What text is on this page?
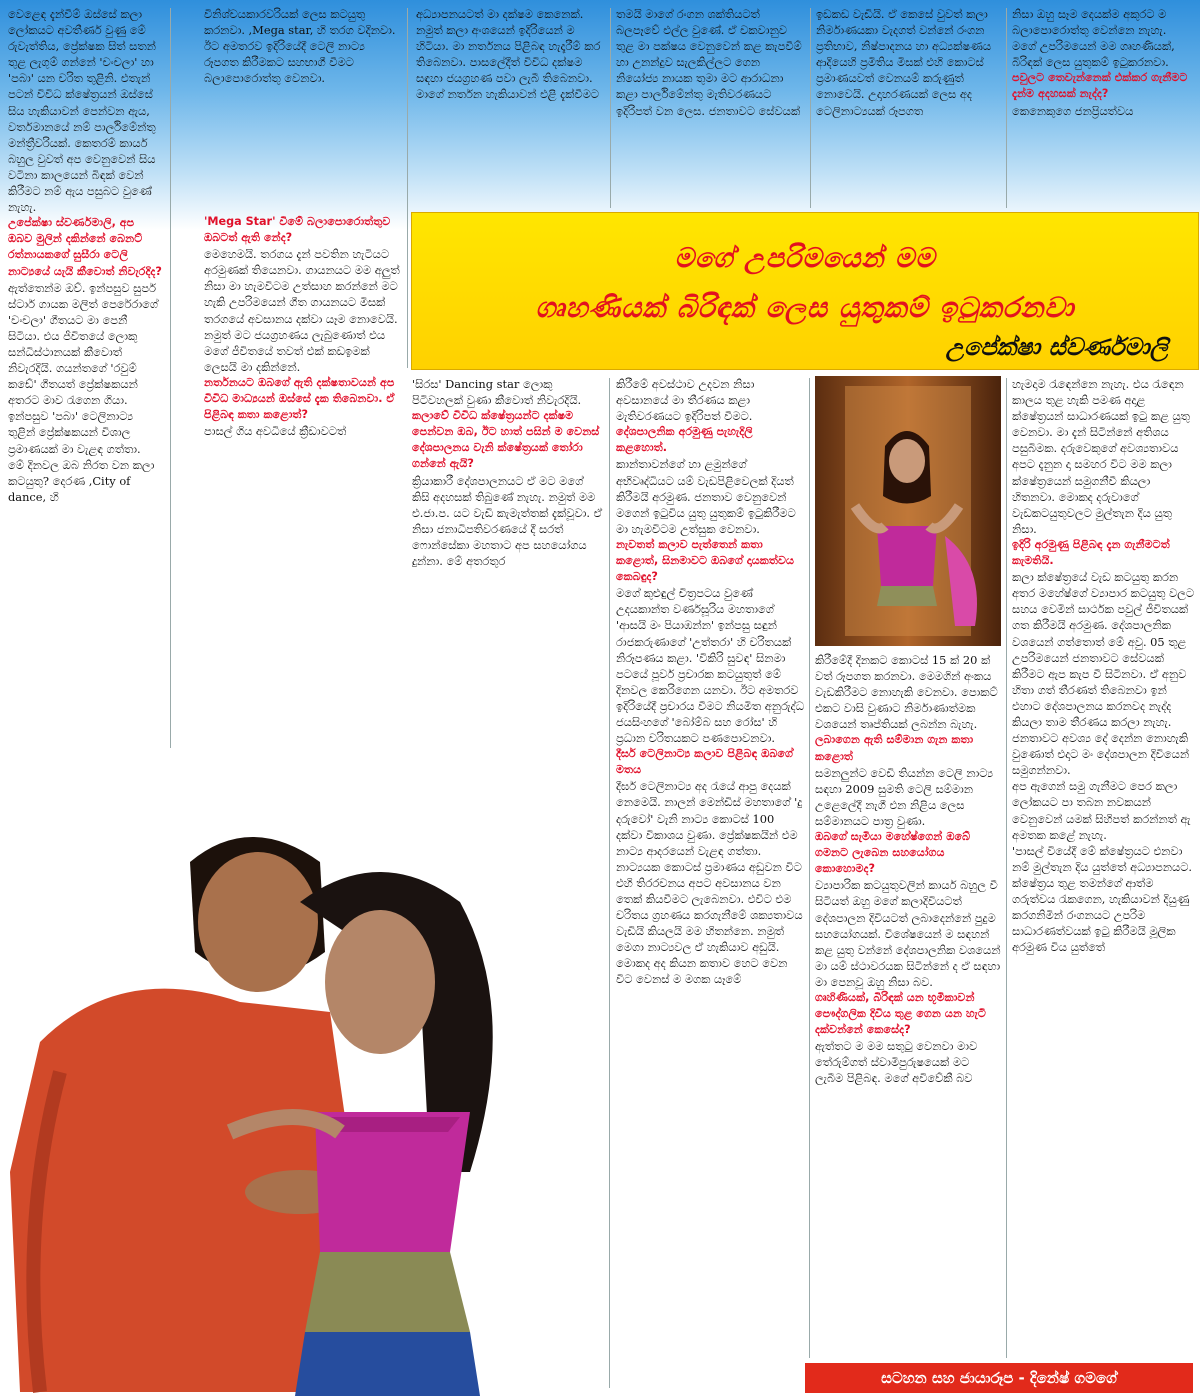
වෙළෙඳ දැන්වීම් ඔස්සේ කලා ලෝකයට අවතීර්ණ වුණු මේ රුවැත්තිය, ප්‍රේක්ෂක සිත් සතන් තුළ ලැගුම් ගන්නේ 'චංචලා' හා 'පබා' යන චරිත තුළිනි. එතැන් පටන් විවිධ ක්ෂේත්‍රයන් ඔස්සේ සිය හැකියාවන් පෙන්වන ඇය, වර්තමානයේ නම් පාර්ලිමේන්තු මන්ත්‍රීවරියක්. කෙතරම් කාර්ය බහුල වුවත් අප වෙනුවෙන් සිය වටිනා කාලයෙන් බිඳක් වෙන් කිරීමට නම් ඇය පසුබට වුණේ නැහැ.

උපේක්ෂා ස්වර්ණමාලි, අප ඔබව මුලින් දකින්නේ බෙනට් රත්නායකගේ සුසීරා ටෙලි නාට්‍යයේ යැයි කීවොත් නිවැරදිද?

ඇත්තෙන්ම ඔව්. ඉන්පසුව සුපර් ස්ටාර් ගායක මලිත් පෙරේරාගේ 'චංචලා' ගීතයට මා පෙනී සිටියා. එය ජීවිතයේ ලොකු සන්ධිස්ථානයක් කීවොත් නිවැරදියි. ගයන්තගේ 'රවුම් කඩේ' ගීතයත් ප්‍රේක්ෂකයන් අතරට මාව රැගෙන ගියා. ඉන්පසුව 'පබා' ටෙලිනාට්‍ය තුළින් ප්‍රේක්ෂකයන් විශාල ප්‍රමාණයක් මා වැළඳ ගත්තා.

මේ දිනවල ඔබ නිරත වන කලා කටයුතු? දෙරණ ,City of dance, හි

විනිශ්චයකාරවරියක් ලෙස කටයුතු කරනවා. ,Mega star, හි තරග වදිනවා. ඊට අමතරව ඉදිරියේදී ටෙලි නාට්‍ය රූපගත කිරීමකට සහභාගී වීමට බලාපොරොත්තු වෙනවා.

'Mega Star' වීමේ බලාපොරොත්තුව ඔබටත් ඇති නේද?

මෙහෙමයි. තරගය දැන් පවතින හැටියට අරමුණක් තියෙනවා. ගායනයට මම අලුත් නිසා මා හැමවිටම උත්සාහ කරන්නේ මට හැකි උපරිමයෙන් ගීත ගායනයට මිසක් තරගයේ අවසානය දක්වා යෑම නොවෙයි. නමුත් මට ජයග්‍රහණය ලැබුණොත් එය මගේ ජීවිතයේ තවත් එක් කඩඉමක් ලෙසයි මා දකින්නේ.

නර්තනයට ඔබගේ ඇති දක්ෂතාවයන් අප විවිධ මාධ්‍යයන් ඔස්සේ දැක තිබෙනවා. ඒ පිළිබඳ කතා කළොත්?

පාසල් ගිය අවධියේ ක්‍රීඩාවටත්

අධ්‍යාපනයටත් මා දක්ෂම කෙනෙක්. නමුත් කලා අංශයෙන් ඉදිරියෙන් ම හිටියා. මා නර්තනය පිළිබඳ හැදෑරීම් කර තිබෙනවා. පාසලේදීත් විවිධ දක්ෂම සඳහා ජයග්‍රහණ පවා ලැබී තිබෙනවා. මාගේ නර්තන හැකියාවන් එළි දැක්වීමට

තමයි මාගේ රංගන ශක්තියටත් බලපෑවේ එල්ල වුණේ. ඒ චකවානුව තුළ මා පක්ෂය වෙනුවෙන් කළ කැපවීම් හා උනන්දුව සැලකිල්ලට ගෙන නියෝජ්‍ය නායක තුමා මට ආරාධනා කළා පාර්ලිමේන්තු මැතිවරණයට ඉදිරිපත් වන ලෙස. ජනතාවට සේවයක්

ඉඩකඩ වැඩියි. ඒ කෙසේ වුවත් කලා නිර්මාණයකා වැදගත් වන්නේ රංගන ප්‍රතිභාව, නිෂ්පාදනය හා අධ්‍යක්ෂණය ආදියෙහි ප්‍රමිතිය මිසක් එහි කොටස් ප්‍රමාණයවත් වෙනයම් කරුණුත් නොවෙයි. උදාහරණයක් ලෙස අද ටෙලිනාට්‍යයක් රූපගත

නිසා ඔහු සෑම දෙයක්ම අකුරට ම බලාපොරොත්තු වෙන්නෙ නැහැ. මගේ උපරිමයෙන් මම ගෘහණියක්, බිරිඳක් ලෙස යුතුකම් ඉටුකරනවා.

පවුලට තෙවැන්නෙක් එක්කර ගැනීමට දැන්ම අදහසක් නැද්ද?

කෙනෙකුගෙ ජනප්‍රියත්වය

මගේ උපරිමයෙන් මම
ගෘහණියක් බිරිඳක් ලෙස යුතුකම් ඉටුකරනවා
උපේක්ෂා ස්වර්ණමාලි

'සිරස' Dancing star ලොකු පිටිවහලක් වුණා කීවොත් නිවැරදියි.

කලාවේ විවිධ ක්ෂේත්‍රයන්ට දක්ෂම පෙන්වන ඔබ, ඊට හාත් පසින් ම වෙනස් දේශපාලනය වැනි ක්ෂේත්‍රයක් තෝරා ගන්නේ ඇයි?

ක්‍රියාකාරී දේශපාලනයට ඒ මට මගේ කිසි අදහසක් තිබුණේ නැහැ. නමුත් මම එ.ජා.ප. යට වැඩි කැමැත්තක් දැක්වූවා. ඒ නිසා ජනාධිපතිවරණයේ දී සරත් ෆොන්සේකා මහතාට අප සහයෝගය දුන්නා. මේ අතරතුර

කිරීමේ අවස්ථාව උදවන නිසා අවසානයේ මා තීරණය කළා මැතිවරණයට ඉදිරිපත් වීමට.

දේශපාලනික අරමුණු පැහැදිලි කළහොත්.

කාන්තාවන්ගේ හා ළමුන්ගේ අභිවෘද්ධියට යම් වැඩපිළිවෙලක් දියත් කිරීමයි අරමුණ. ජනතාව වෙනුවෙන් මගෙන් ඉටුවිය යුතු යුතුකම් ඉටුකිරීමට මා හැමවිටම උත්සුක වෙනවා.

නැවතත් කලාව පැත්තෙන් කතා කළොත්, සිනමාවට ඔබගේ දායකත්වය කෙබඳුද?

මගේ කුළුඳුල් චිත්‍රපටය වුණේ උදයකාන්ත වර්ණසූරිය මහතාගේ 'ආසයි මං පියාඹන්න' ඉන්පසු සඳුන් රාජකරුණාගේ 'උත්තරා' හි චරිතයක් නිරූපණය කළා. 'විකිරි සුවඳ' සිනමා පටයේ පූර්ව ප්‍රචාරක කටයුතුත් මේ දිනවල කෙරිගෙන යනවා. ඊට අමතරව ඉදිරියේදී ප්‍රචාරය වීමට නියමිත අනුරුද්ධ ජයසිංහගේ 'බෝම්බ සහ රෝස' හි ප්‍රධාන චරිතයකට පණපොවනවා.

දීර්ඝ ටෙලිනාට්‍ය කලාව පිළිබඳ ඔබගේ මතය

දීර්ඝ ටෙලිනාට්‍ය අද රැයේ ආපු දෙයක් නෙමෙයි. නාලන් මෙන්ඩිස් මහතාගේ 'දු දරුවෝ' වැනි නාට්‍ය කොටස් 100 දක්වා විකාශය වුණා. ප්‍රේක්ෂකයින් එම නාට්‍ය ආදරයෙන් වැළඳ ගත්තා. නාට්‍යයක කොටස් ප්‍රමාණය අඩුවන විට එහි තිරරචනය අපට අවසානය වන තෙක් කියවීමට ලැබෙනවා. එවිට එම චරිතය ග්‍රහණය කරගැනීමේ ශක්‍යතාවය වැඩියි කියලයි මම හිතන්නෙ. නමුත් මෙගා නාට්‍යවල ඒ හැකියාව අඩුයි. මොකද අද කියන කතාව හෙට වෙන විට වෙනස් ම මගක යෑමේ

කිරීමේදී දිනකට කොටස් 15 ක් 20 ක් වත් රූපගත කරනවා. මෙමගින් අංකය වැඩකිරීමට නොහැකි වෙනවා. පොකට් එකට වාසි වුණාට නිර්මාණාත්මක වශයෙන් තෘප්තියක් ලබන්න බැහැ.

ලබාගෙන ඇති සම්මාන ගැන කතා කළොත්

සමනලුන්ට වෙඩි තියන්න ටෙලි නාට්‍ය සඳහා 2009 සුමති ටෙලි සම්මාන උළෙලේදී නැගී එන නිළිය ලෙස සම්මානයට පාත්‍ර වුණා.

ඔබගේ සැමියා මහේෂ්ගෙන් ඔබේ ගමනට ලැබෙන සහයෝගය කොහොමද?

ව්‍යාපාරික කටයුතුවලින් කාර්ය බහුල වී සිටියත් ඔහු මගේ කලාදිවියටත් දේශපාලන දිවියටත් ලබාදෙන්නේ පුදුම සහයෝගයක්. විශේෂයෙන් ම සඳහන් කළ යුතු වන්නේ දේශපාලනික වශයෙන් මා යම් ස්ථාවරයක සිටින්නේ ද ඒ සඳහා මා පෙනවූ ඔහු නිසා බව.

ගෘහිණියක්, බිරිඳක් යන භූමිකාවන් පෞද්ගලික දිවිය තුළ ගෙන යන හැටි දක්වන්නේ කෙසේද?

ඇත්තට ම මම සතුටු වෙනවා මාව තේරුම්ගත් ස්වාමිපුරුෂයෙක් මට ලැබීම පිළිබඳ. මගේ අවිවේකී බව

හැමදාම රැඳෙන්නෙ නැහැ. එය රැඳෙන කාලය තුළ හැකි පමණ අදාළ ක්ෂේත්‍රයන් සාධාරණයක් ඉටු කළ යුතු වෙනවා. මා දැන් සිටින්නේ අතිශය පසුබිමක. දරුවෙකුගේ අවශ්‍යතාවය අපට දැනුන දා සමහර විට මම කලා ක්ෂේත්‍රයෙන් සමුගනීවී කියලා හිතනවා. මොකද දරුවාගේ වැඩකටයුතුවලට මුල්තැන දිය යුතු නිසා.

ඉදිරි අරමුණු පිළිබඳ දැන ගැනීමටත් කැමතියි.

කලා ක්ෂේත්‍රයේ වැඩ කටයුතු කරන අතර මහේෂ්ගේ ව්‍යාපාර කටයුතු වලට සහය වෙමින් සාර්ථක පවුල් ජීවිතයක් ගත කිරීමයි අරමුණ. දේශපාලනික වශයෙන් ගත්තොත් මේ අවු. 05 තුළ උපරිමයෙන් ජනතාවට සේවයක් කිරීමට ඇප කැප වී සිටිනවා. ඒ අනුව හිතා ගත් තීරණත් තිබෙනවා ඉන් එහාට දේශපාලනය කරනවද නැද්ද කියලා තාම තීරණය කරලා නැහැ. ජනතාවට අවශ්‍ය දේ දෙන්න නොහැකි වුණොත් එදාට මං දේශපාලන දිවියෙන් සමුගන්නවා.

අප ඇගෙන් සමු ගැනීමට පෙර කලා ලෝකයට පා තබන නවකයන් වෙනුවෙන් යමක් සිහිපත් කරන්නත් ඇ අමතක කළේ නැහැ.

'පාසල් වියේදී මේ ක්ෂේත්‍රයට එනවා නම් මුල්තැන දිය යුත්තේ අධ්‍යාපනයට. ක්ෂේත්‍රය තුළ තමන්ගේ ආත්ම ගරුත්වය රැකගෙන, හැකියාවන් දියුණු කරගනිමින් රංගනයට උපරිම සාධාරණත්වයක් ඉටු කිරීමයි මූලික අරමුණ විය යුත්තේ

සටහන සහ ජායාරූප - දිනේෂ් ගමගේ
